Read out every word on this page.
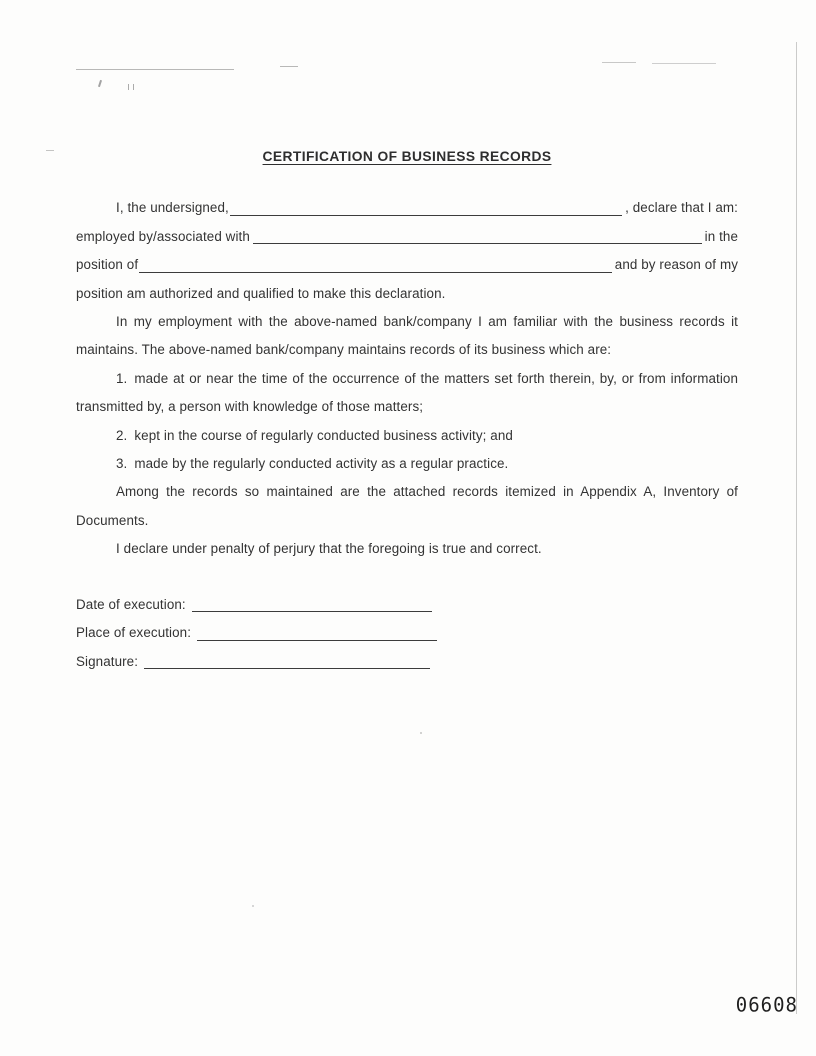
CERTIFICATION OF BUSINESS RECORDS
I, the undersigned,	, declare that I am:
employed by/associated with	in the
position of	and by reason of my

position am authorized and qualified to make this declaration.

In my employment with the above-named bank/company I am familiar with the business records it maintains. The above-named bank/company maintains records of its business which are:

1. made at or near the time of the occurrence of the matters set forth therein, by, or from information transmitted by, a person with knowledge of those matters;

2. kept in the course of regularly conducted business activity; and

3. made by the regularly conducted activity as a regular practice.

Among the records so maintained are the attached records itemized in Appendix A, Inventory of Documents.

I declare under penalty of perjury that the foregoing is true and correct.

Date of execution:
Place of execution:
Signature:
06608
